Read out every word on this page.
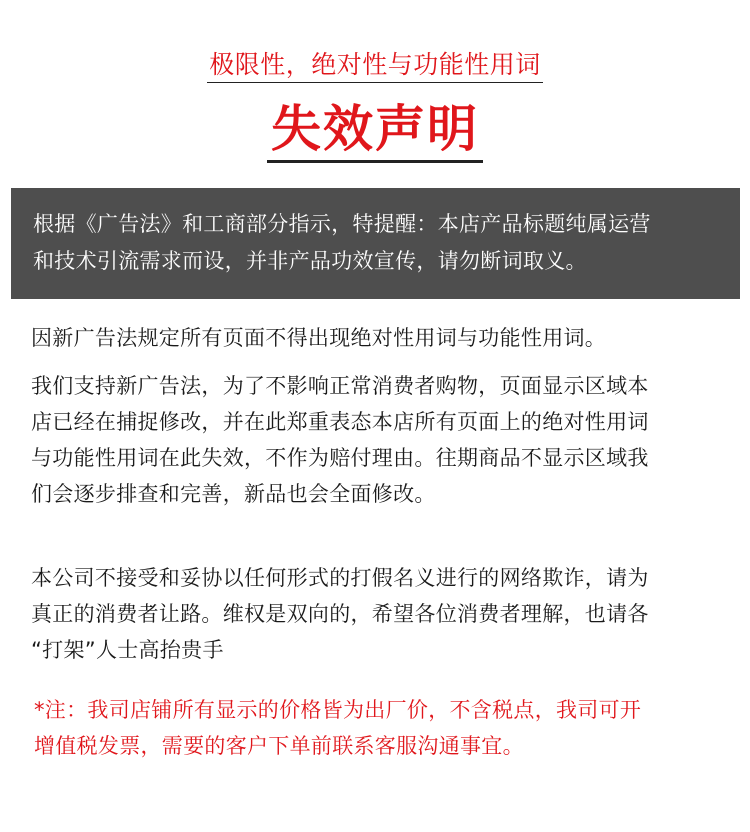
极限性，绝对性与功能性用词
失效声明

根据《广告法》和工商部分指示，特提醒：本店产品标题纯属运营

和技术引流需求而设，并非产品功效宣传，请勿断词取义。

因新广告法规定所有页面不得出现绝对性用词与功能性用词。

我们支持新广告法，为了不影响正常消费者购物，页面显示区域本
店已经在捕捉修改，并在此郑重表态本店所有页面上的绝对性用词
与功能性用词在此失效，不作为赔付理由。往期商品不显示区域我
们会逐步排查和完善，新品也会全面修改。

本公司不接受和妥协以任何形式的打假名义进行的网络欺诈，请为
真正的消费者让路。维权是双向的，希望各位消费者理解，也请各
“打架”人士高抬贵手

*注：我司店铺所有显示的价格皆为出厂价，不含税点，我司可开
增值税发票，需要的客户下单前联系客服沟通事宜。
